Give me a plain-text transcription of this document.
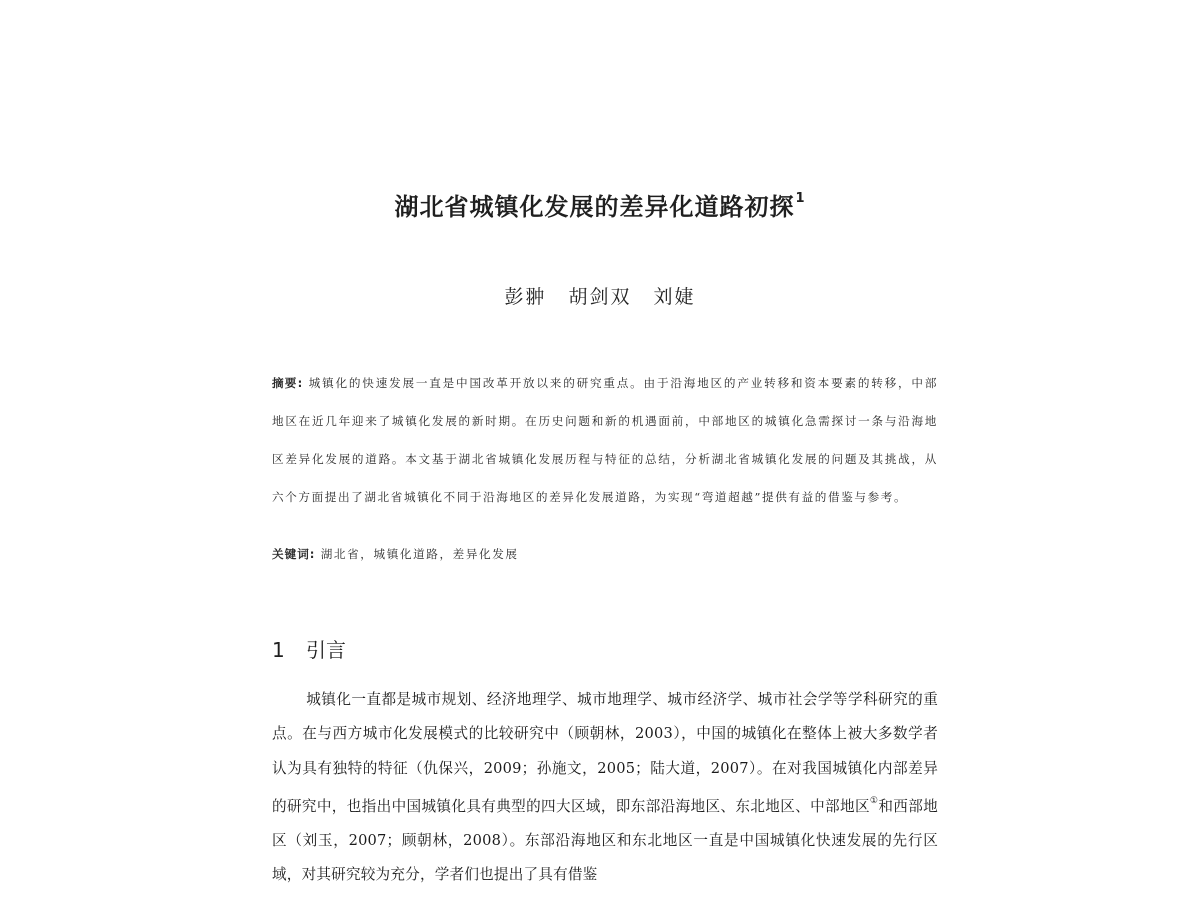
湖北省城镇化发展的差异化道路初探$^1$
彭翀 胡剑双 刘婕
摘要: 城镇化的快速发展一直是中国改革开放以来的研究重点。由于沿海地区的产业转移和资本要素的转移，中部地区在近几年迎来了城镇化发展的新时期。在历史问题和新的机遇面前，中部地区的城镇化急需探讨一条与沿海地区差异化发展的道路。本文基于湖北省城镇化发展历程与特征的总结，分析湖北省城镇化发展的问题及其挑战，从六个方面提出了湖北省城镇化不同于沿海地区的差异化发展道路，为实现“弯道超越”提供有益的借鉴与参考。
关键词: 湖北省，城镇化道路，差异化发展
1 引言
城镇化一直都是城市规划、经济地理学、城市地理学、城市经济学、城市社会学等学科研究的重点。在与西方城市化发展模式的比较研究中（顾朝林，2003），中国的城镇化在整体上被大多数学者认为具有独特的特征（仇保兴，2009；孙施文，2005；陆大道，2007）。在对我国城镇化内部差异的研究中，也指出中国城镇化具有典型的四大区域，即东部沿海地区、东北地区、中部地区①和西部地区（刘玉，2007；顾朝林，2008）。东部沿海地区和东北地区一直是中国城镇化快速发展的先行区域，对其研究较为充分，学者们也提出了具有借鉴
